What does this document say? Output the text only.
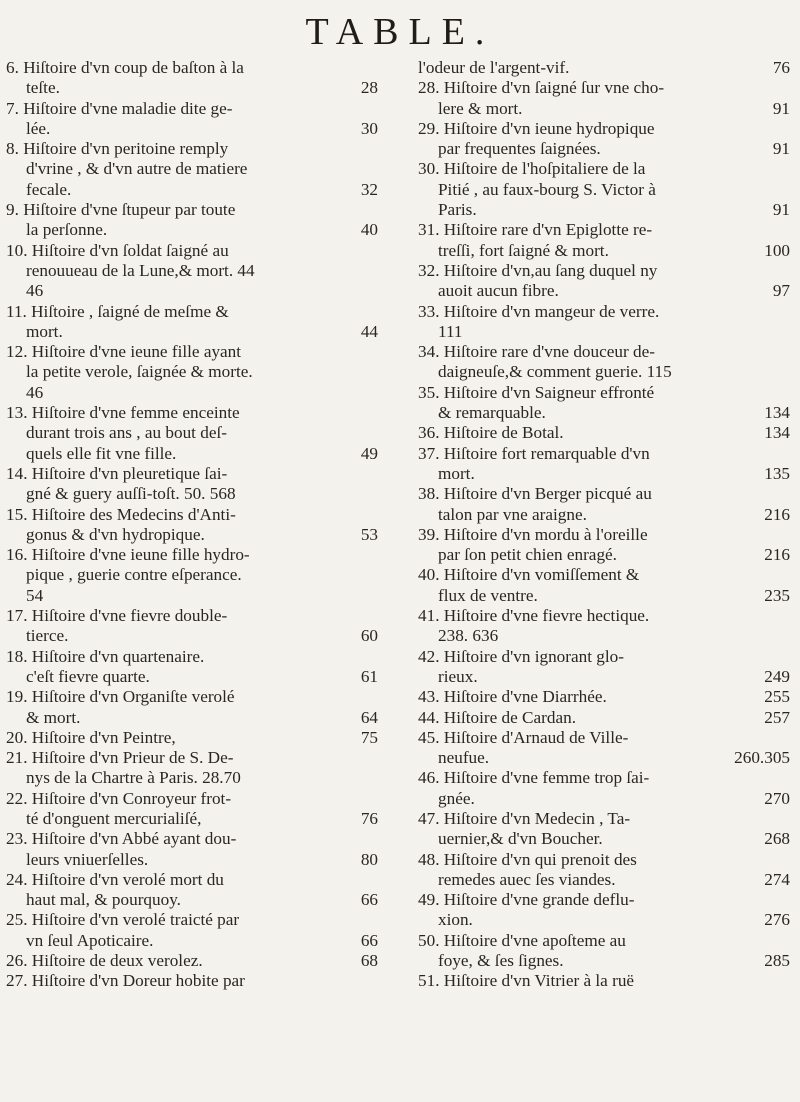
TABLE.
6. Hiſtoire d'vn coup de baſton à la
teſte.	28
7. Hiſtoire d'vne maladie dite ge-
lée.	30
8. Hiſtoire d'vn peritoine remply
d'vrine , & d'vn autre de matiere
fecale.	32
9. Hiſtoire d'vne ſtupeur par toute
la perſonne.	40
10. Hiſtoire d'vn ſoldat ſaigné au
renouueau de la Lune,& mort. 44
46
11. Hiſtoire , ſaigné de meſme &
mort.	44
12. Hiſtoire d'vne ieune fille ayant
la petite verole, ſaignée & morte.
46
13. Hiſtoire d'vne femme enceinte
durant trois ans , au bout deſ-
quels elle fit vne fille.	49
14. Hiſtoire d'vn pleuretique ſai-
gné & guery auſſi-toſt. 50. 568
15. Hiſtoire des Medecins d'Anti-
gonus & d'vn hydropique.	53
16. Hiſtoire d'vne ieune fille hydro-
pique , guerie contre eſperance.
54
17. Hiſtoire d'vne fievre double-
tierce.	60
18. Hiſtoire d'vn quartenaire.
c'eſt fievre quarte.	61
19. Hiſtoire d'vn Organiſte verolé
& mort.	64
20. Hiſtoire d'vn Peintre,	75
21. Hiſtoire d'vn Prieur de S. De-
nys de la Chartre à Paris. 28.70
22. Hiſtoire d'vn Conroyeur frot-
té d'onguent mercurialiſé,	76
23. Hiſtoire d'vn Abbé ayant dou-
leurs vniuerſelles.	80
24. Hiſtoire d'vn verolé mort du
haut mal, & pourquoy.	66
25. Hiſtoire d'vn verolé traicté par
vn ſeul Apoticaire.	66
26. Hiſtoire de deux verolez.	68
27. Hiſtoire d'vn Doreur hobite par
l'odeur de l'argent-vif.	76
28. Hiſtoire d'vn ſaigné ſur vne cho-
lere & mort.	91
29. Hiſtoire d'vn ieune hydropique
par frequentes ſaignées.	91
30. Hiſtoire de l'hoſpitaliere de la
Pitié , au faux-bourg S. Victor à
Paris.	91
31. Hiſtoire rare d'vn Epiglotte re-
treſſi, fort ſaigné & mort.	100
32. Hiſtoire d'vn,au ſang duquel ny
auoit aucun fibre.	97
33. Hiſtoire d'vn mangeur de verre.
111
34. Hiſtoire rare d'vne douceur de-
daigneuſe,& comment guerie. 115
35. Hiſtoire d'vn Saigneur effronté
& remarquable.	134
36. Hiſtoire de Botal.	134
37. Hiſtoire fort remarquable d'vn
mort.	135
38. Hiſtoire d'vn Berger picqué au
talon par vne araigne.	216
39. Hiſtoire d'vn mordu à l'oreille
par ſon petit chien enragé.	216
40. Hiſtoire d'vn vomiſſement &
flux de ventre.	235
41. Hiſtoire d'vne fievre hectique.
238. 636
42. Hiſtoire d'vn ignorant glo-
rieux.	249
43. Hiſtoire d'vne Diarrhée.	255
44. Hiſtoire de Cardan.	257
45. Hiſtoire d'Arnaud de Ville-
neufue.	260.305
46. Hiſtoire d'vne femme trop ſai-
gnée.	270
47. Hiſtoire d'vn Medecin , Ta-
uernier,& d'vn Boucher.	268
48. Hiſtoire d'vn qui prenoit des
remedes auec ſes viandes.	274
49. Hiſtoire d'vne grande deflu-
xion.	276
50. Hiſtoire d'vne apoſteme au
foye, & ſes ſignes.	285
51. Hiſtoire d'vn Vitrier à la ruë
